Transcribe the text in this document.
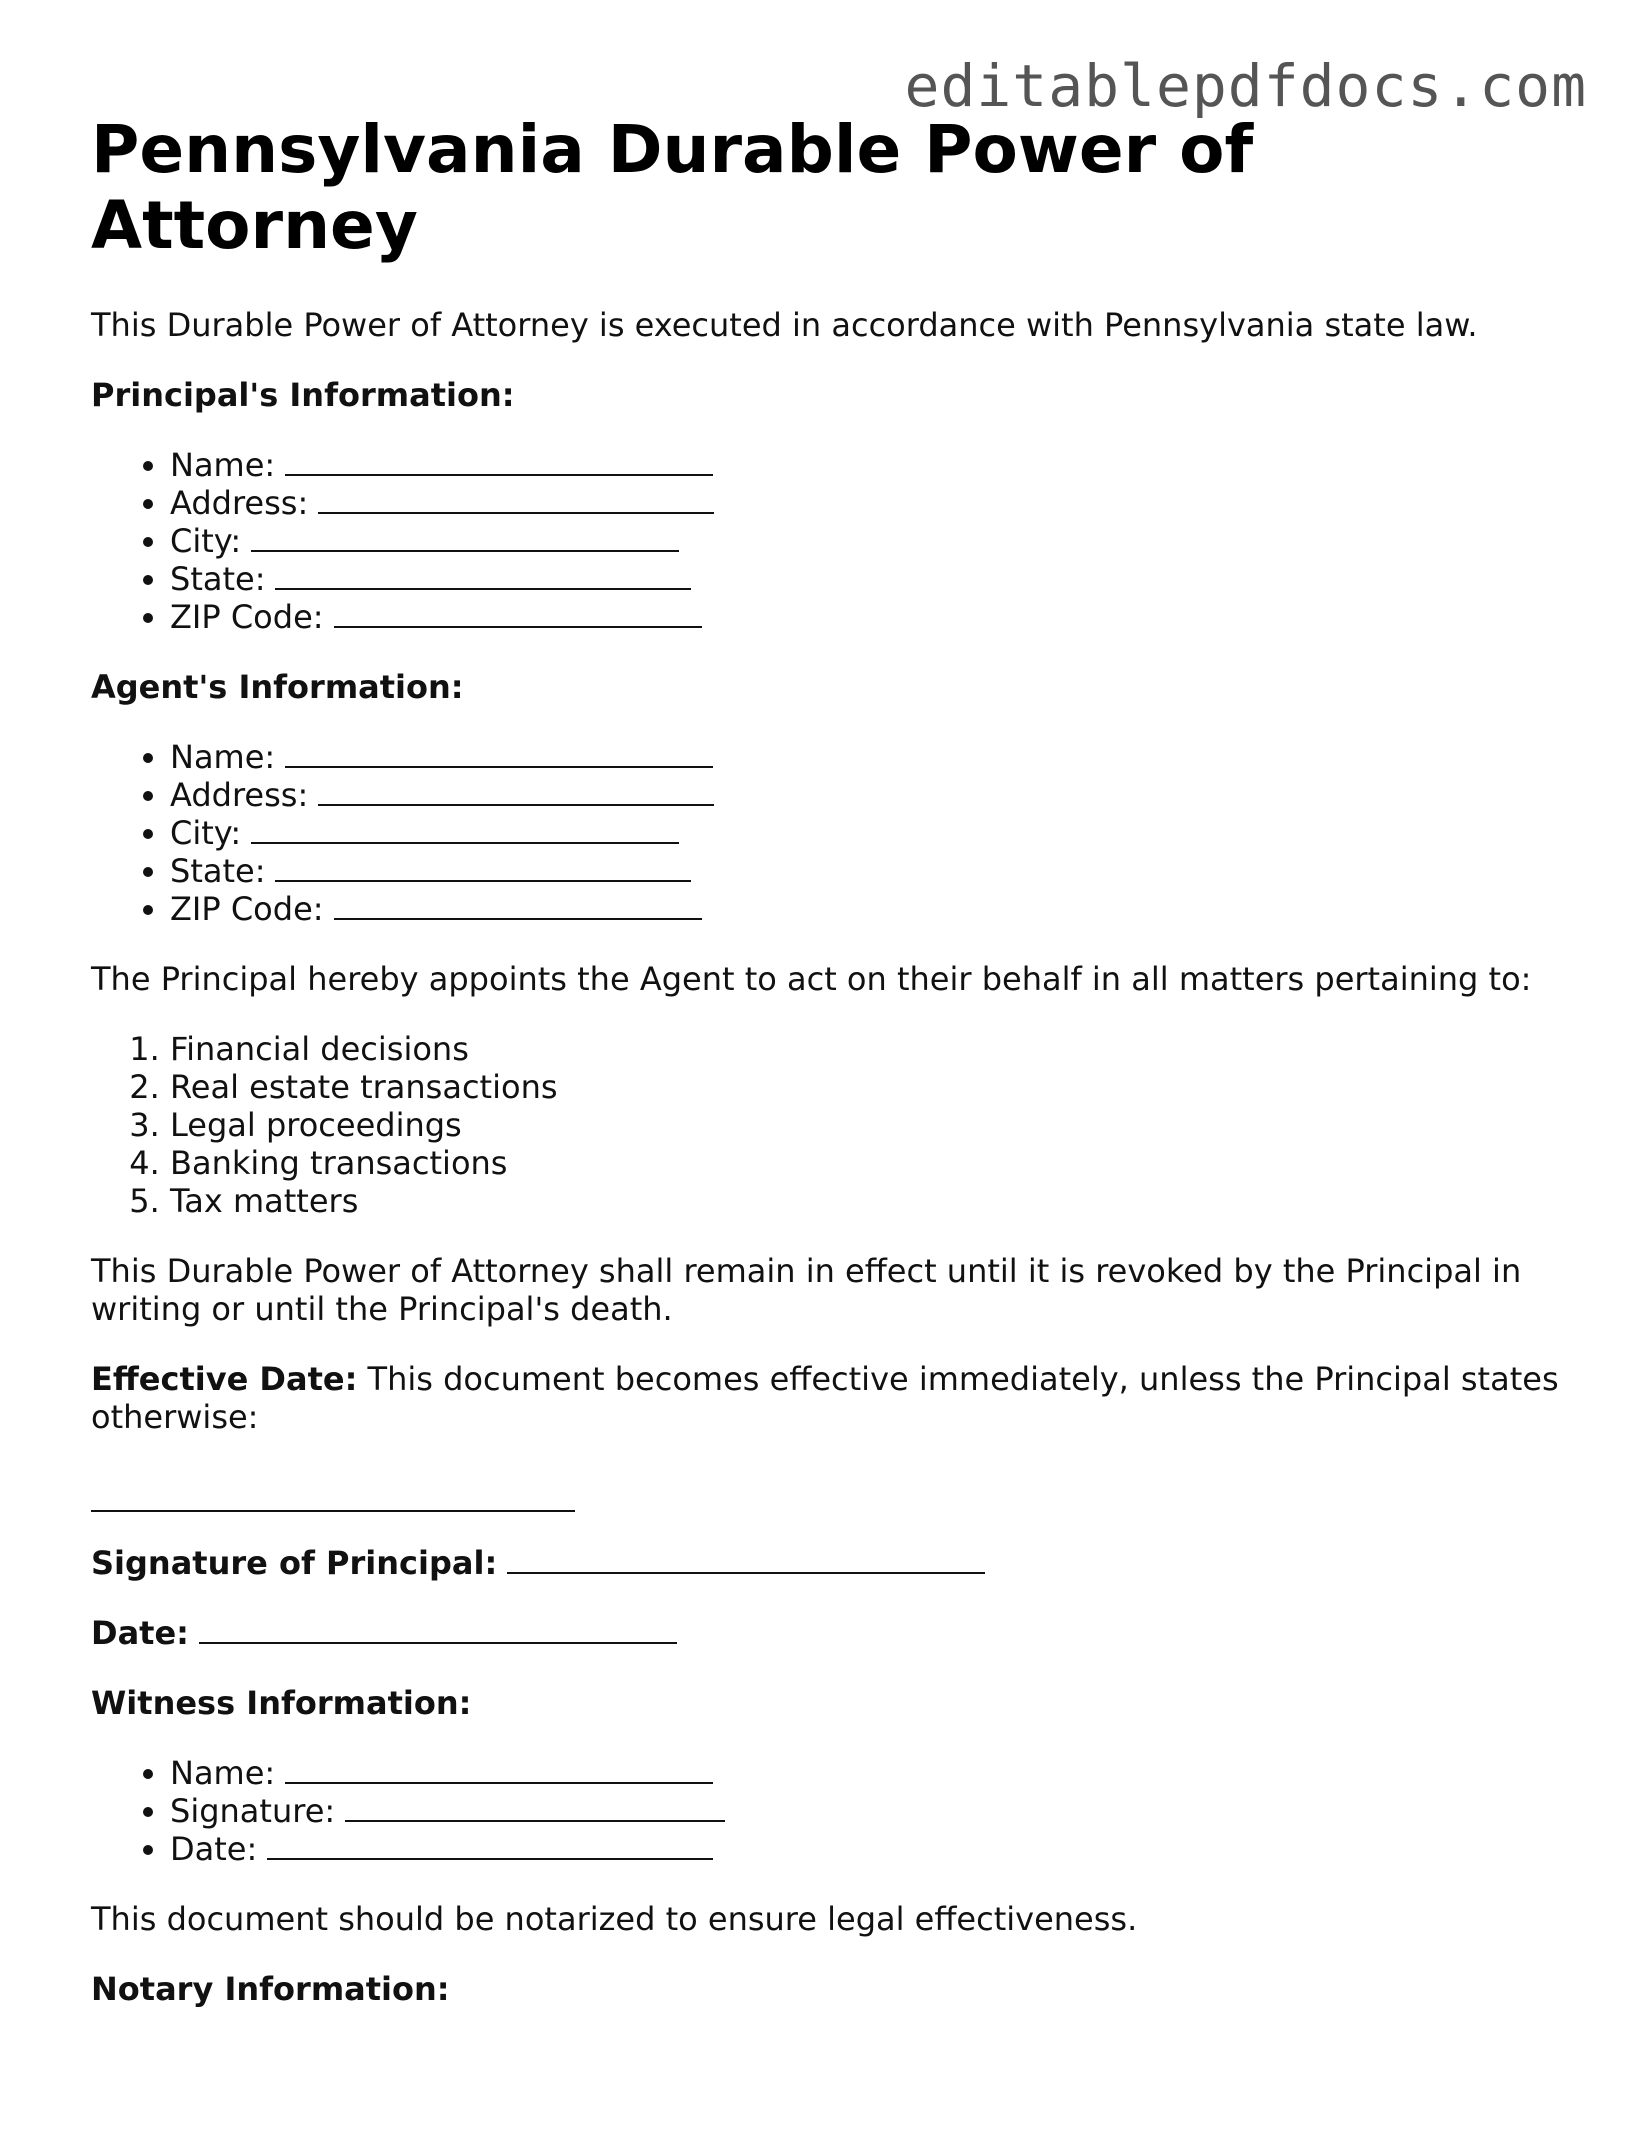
editablepdfdocs.com
Pennsylvania Durable Power of Attorney

This Durable Power of Attorney is executed in accordance with Pennsylvania state law.

Principal's Information:

• Name:
• Address:
• City:
• State:
• ZIP Code:

Agent's Information:

• Name:
• Address:
• City:
• State:
• ZIP Code:

The Principal hereby appoints the Agent to act on their behalf in all matters pertaining to:

1. Financial decisions
2. Real estate transactions
3. Legal proceedings
4. Banking transactions
5. Tax matters

This Durable Power of Attorney shall remain in effect until it is revoked by the Principal in writing or until the Principal's death.

Effective Date: This document becomes effective immediately, unless the Principal states otherwise:

Signature of Principal:

Date:

Witness Information:

• Name:
• Signature:
• Date:

This document should be notarized to ensure legal effectiveness.

Notary Information:
